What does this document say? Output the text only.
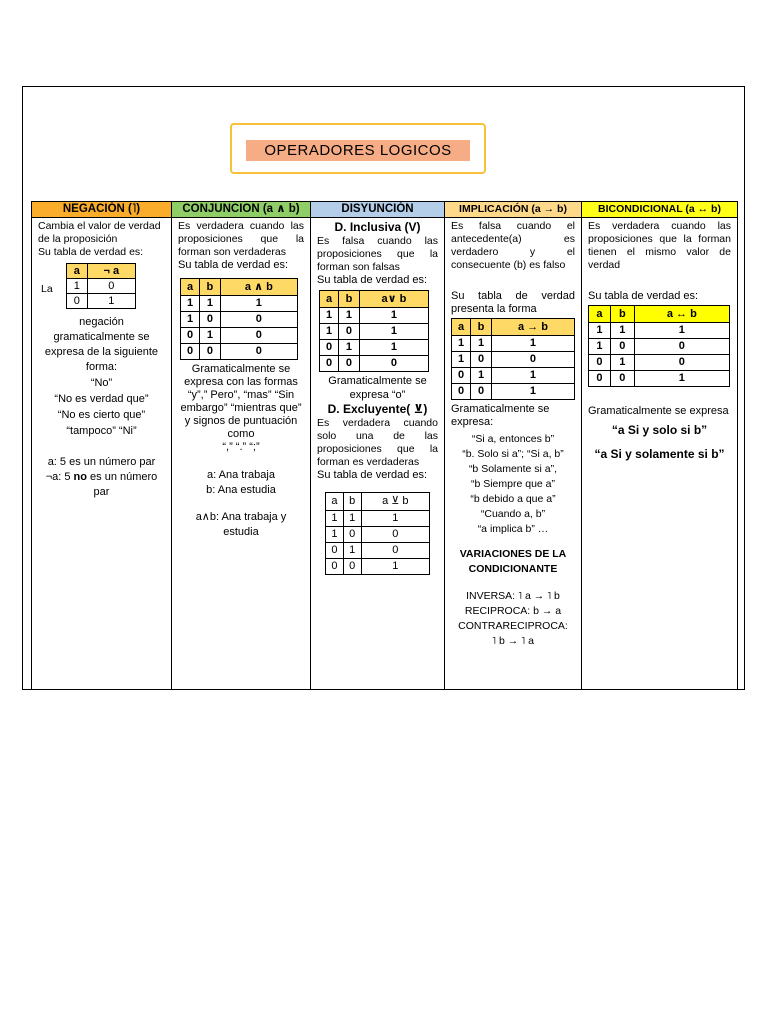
OPERADORES LOGICOS
NEGACIÓN (˥)
Cambia el valor de verdad de la proposición
Su tabla de verdad es:
La
a	¬ a
1	0
0	1
negación gramaticalmente se expresa de la siguiente forma:
“No”
“No es verdad que”
“No es cierto que”
“tampoco” “Ni”
a: 5 es un número par
¬a: 5 no es un número par
CONJUNCION (a ∧ b)
Es verdadera cuando las proposiciones que la forman son verdaderas
Su tabla de verdad es:
a	b	a ∧ b
1	1	1
1	0	0
0	1	0
0	0	0
Gramaticalmente se expresa con las formas “y”,” Pero”, “mas” “Sin embargo” “mientras que” y signos de puntuación como
“,” “.” “;”
a: Ana trabaja
b: Ana estudia
a∧b: Ana trabaja y estudia
DISYUNCIÓN
D. Inclusiva (V)
Es falsa cuando las proposiciones que la forman son falsas
Su tabla de verdad es:
a	b	a∨ b
1	1	1
1	0	1
0	1	1
0	0	0
Gramaticalmente se expresa “o”
D. Excluyente( ⊻)
Es verdadera cuando solo una de las proposiciones que la forman es verdaderas
Su tabla de verdad es:
a	b	a ⊻ b
1	1	1
1	0	0
0	1	0
0	0	1
IMPLICACIÓN (a → b)
Es falsa cuando el antecedente(a) es verdadero y el consecuente (b) es falso
Su tabla de verdad presenta la forma
a	b	a → b
1	1	1
1	0	0
0	1	1
0	0	1
Gramaticalmente se expresa:
“Si a, entonces b”
“b. Solo si a”; “Si a, b”
“b Solamente si a”,
“b Siempre que a”
“b debido a que a”
“Cuando a, b”
“a implica b” …
VARIACIONES DE LA CONDICIONANTE
INVERSA: ˥ a → ˥ b
RECIPROCA: b → a
CONTRARECIPROCA:
˥ b → ˥ a
BICONDICIONAL (a ↔ b)
Es verdadera cuando las proposiciones que la forman tienen el mismo valor de verdad
Su tabla de verdad es:
a	b	a ↔ b
1	1	1
1	0	0
0	1	0
0	0	1
Gramaticalmente se expresa
“a Si y solo si b”
“a Si y solamente si b”
